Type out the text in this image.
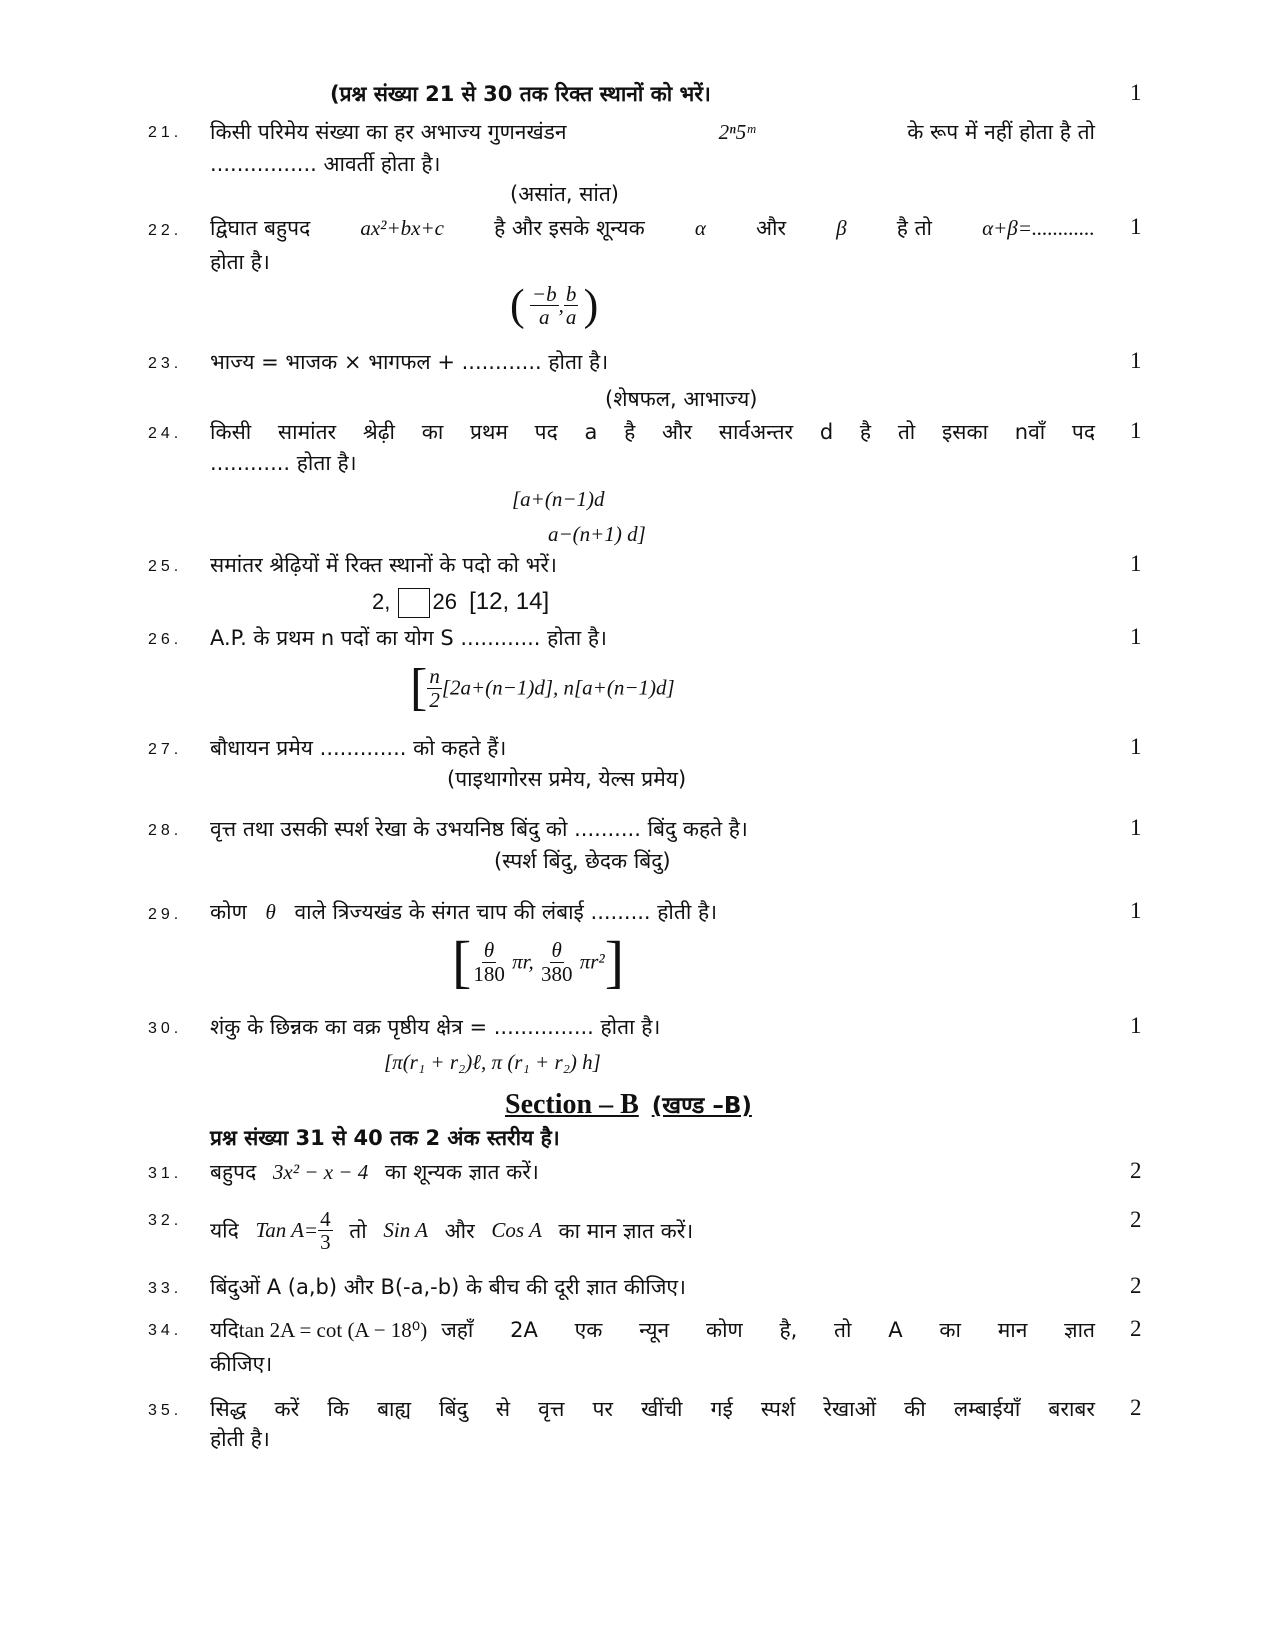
(प्रश्न संख्या 21 से 30 तक रिक्त स्थानों को भरें।	1
21. किसी परिमेय संख्या का हर अभाज्य गुणनखंडन	2ⁿ5ᵐ	के रूप में नहीं होता है तो
................ आवर्ती होता है।
(असांत, सांत)
22. द्विघात बहुपद ax²+bx+c है और इसके शून्यक α और β है तो α+β=............ 1
होता है।
( $\frac{-b}{a}$ , $\frac{b}{a}$ )
23. भाज्य = भाजक × भागफल + ............ होता है।	1
(शेषफल, आभाज्य)
24. किसी सामांतर श्रेढ़ी का प्रथम पद a है और सार्वअन्तर d है तो इसका nवाँ पद 1
............ होता है।
[a+(n−1)d
a−(n+1) d]
25. समांतर श्रेढ़ियों में रिक्त स्थानों के पदो को भरें।	1
2, 26 [12, 14]
26. A.P. के प्रथम n पदों का योग S ............ होता है।	1
[ $\frac{n}{2} [2a+(n-1)d]$, n[a+(n−1)d]
27. बौधायन प्रमेय ............. को कहते हैं।	1
(पाइथागोरस प्रमेय, येल्स प्रमेय)
28. वृत्त तथा उसकी स्पर्श रेखा के उभयनिष्ठ बिंदु को .......... बिंदु कहते है।	1
(स्पर्श बिंदु, छेदक बिंदु)
29. कोण θ वाले त्रिज्यखंड के संगत चाप की लंबाई ......... होती है।	1
[ $\frac{\theta}{180} \pi r$, $\frac{\theta}{380} \pi r^2$]
30. शंकु के छिन्नक का वक्र पृष्ठीय क्षेत्र = ............... होता है।	1
[π(r₁ + r₂)ℓ, π (r₁ + r₂) h]
Section – B (खण्ड –B)
प्रश्न संख्या 31 से 40 तक 2 अंक स्तरीय है।
31. बहुपद 3x² − x − 4 का शून्यक ज्ञात करें।	2
32. यदि Tan $A= \frac{4}{3}$ तो Sin A और Cos A का मान ज्ञात करें।	2
33. बिंदुओं A (a,b) और B(-a,-b) के बीच की दूरी ज्ञात कीजिए।	2
34. यदि tan 2A = cot (A − 18⁰) जहाँ 2A एक न्यून कोण है, तो A का मान ज्ञात 2
कीजिए।
35. सिद्ध करें कि बाह्य बिंदु से वृत्त पर खींची गई स्पर्श रेखाओं की लम्बाईयाँ बराबर 2
होती है।
